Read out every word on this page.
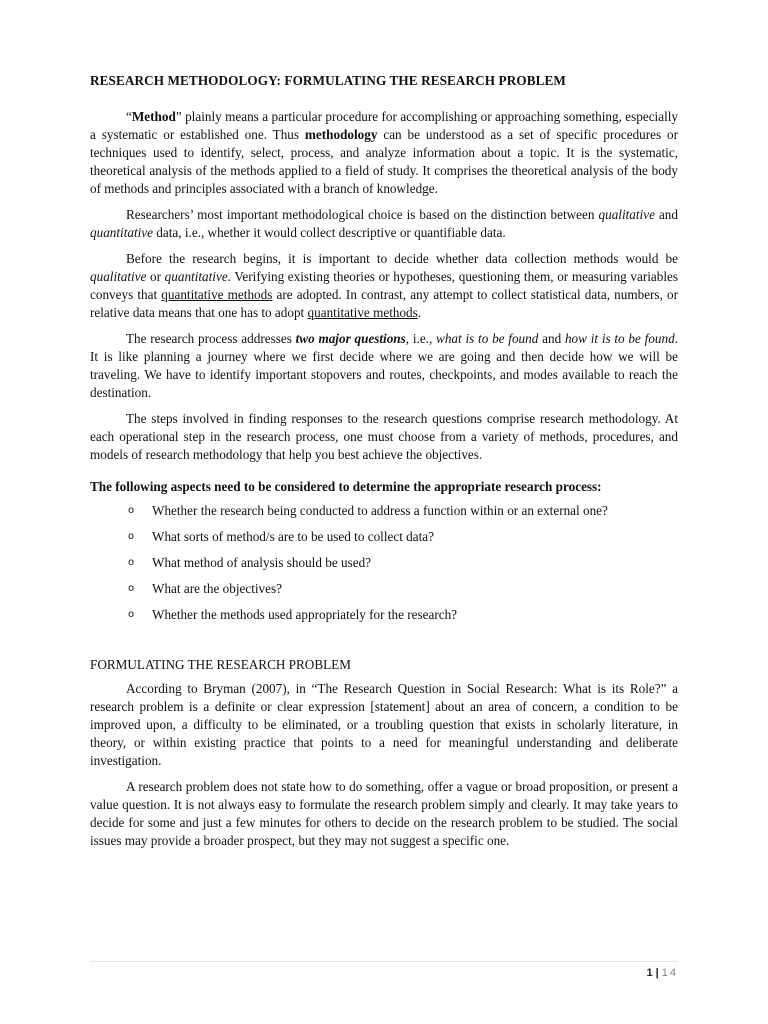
RESEARCH METHODOLOGY: FORMULATING THE RESEARCH PROBLEM

“Method” plainly means a particular procedure for accomplishing or approaching something, especially a systematic or established one. Thus methodology can be understood as a set of specific procedures or techniques used to identify, select, process, and analyze information about a topic. It is the systematic, theoretical analysis of the methods applied to a field of study. It comprises the theoretical analysis of the body of methods and principles associated with a branch of knowledge.

Researchers’ most important methodological choice is based on the distinction between qualitative and quantitative data, i.e., whether it would collect descriptive or quantifiable data.

Before the research begins, it is important to decide whether data collection methods would be qualitative or quantitative. Verifying existing theories or hypotheses, questioning them, or measuring variables conveys that quantitative methods are adopted. In contrast, any attempt to collect statistical data, numbers, or relative data means that one has to adopt quantitative methods.

The research process addresses two major questions, i.e., what is to be found and how it is to be found. It is like planning a journey where we first decide where we are going and then decide how we will be traveling. We have to identify important stopovers and routes, checkpoints, and modes available to reach the destination.

The steps involved in finding responses to the research questions comprise research methodology. At each operational step in the research process, one must choose from a variety of methods, procedures, and models of research methodology that help you best achieve the objectives.

The following aspects need to be considered to determine the appropriate research process:

o Whether the research being conducted to address a function within or an external one?
o What sorts of method/s are to be used to collect data?
o What method of analysis should be used?
o What are the objectives?
o Whether the methods used appropriately for the research?
FORMULATING THE RESEARCH PROBLEM

According to Bryman (2007), in “The Research Question in Social Research: What is its Role?” a research problem is a definite or clear expression [statement] about an area of concern, a condition to be improved upon, a difficulty to be eliminated, or a troubling question that exists in scholarly literature, in theory, or within existing practice that points to a need for meaningful understanding and deliberate investigation.

A research problem does not state how to do something, offer a vague or broad proposition, or present a value question. It is not always easy to formulate the research problem simply and clearly. It may take years to decide for some and just a few minutes for others to decide on the research problem to be studied. The social issues may provide a broader prospect, but they may not suggest a specific one.

1 | 14
